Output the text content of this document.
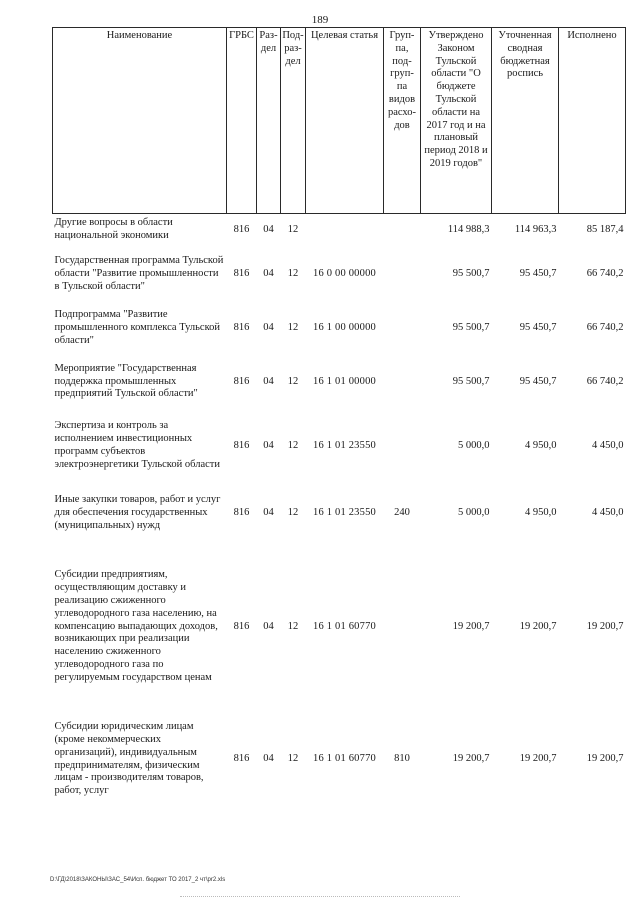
189
Наименование	ГРБС	Раз-дел	Под-раз-дел	Целевая статья	Груп-па, под-груп-па видов расхо-дов	Утверждено Законом Тульской области "О бюджете Тульской области на 2017 год и на плановый период 2018 и 2019 годов"	Уточненная сводная бюджетная роспись	Исполнено
Другие вопросы в области национальной экономики	816	04	12			114 988,3	114 963,3	85 187,4
Государственная программа Тульской области "Развитие промышленности в Тульской области"	816	04	12	16 0 00 00000		95 500,7	95 450,7	66 740,2
Подпрограмма "Развитие промышленного комплекса Тульской области"	816	04	12	16 1 00 00000		95 500,7	95 450,7	66 740,2
Мероприятие "Государственная поддержка промышленных предприятий Тульской области"	816	04	12	16 1 01 00000		95 500,7	95 450,7	66 740,2
Экспертиза и контроль за исполнением инвестиционных программ субъектов электроэнергетики Тульской области	816	04	12	16 1 01 23550		5 000,0	4 950,0	4 450,0
Иные закупки товаров, работ и услуг для обеспечения государственных (муниципальных) нужд	816	04	12	16 1 01 23550	240	5 000,0	4 950,0	4 450,0
Субсидии предприятиям, осуществляющим доставку и реализацию сжиженного углеводородного газа населению, на компенсацию выпадающих доходов, возникающих при реализации населению сжиженного углеводородного газа по регулируемым государством ценам	816	04	12	16 1 01 60770		19 200,7	19 200,7	19 200,7
Субсидии юридическим лицам (кроме некоммерческих организаций), индивидуальным предпринимателям, физическим лицам - производителям товаров, работ, услуг	816	04	12	16 1 01 60770	810	19 200,7	19 200,7	19 200,7
D:\ГД\2018\ЗАКОНЫ\ЗАС_54\Исп. бюджет ТО 2017_2 чт\pr2.xls
